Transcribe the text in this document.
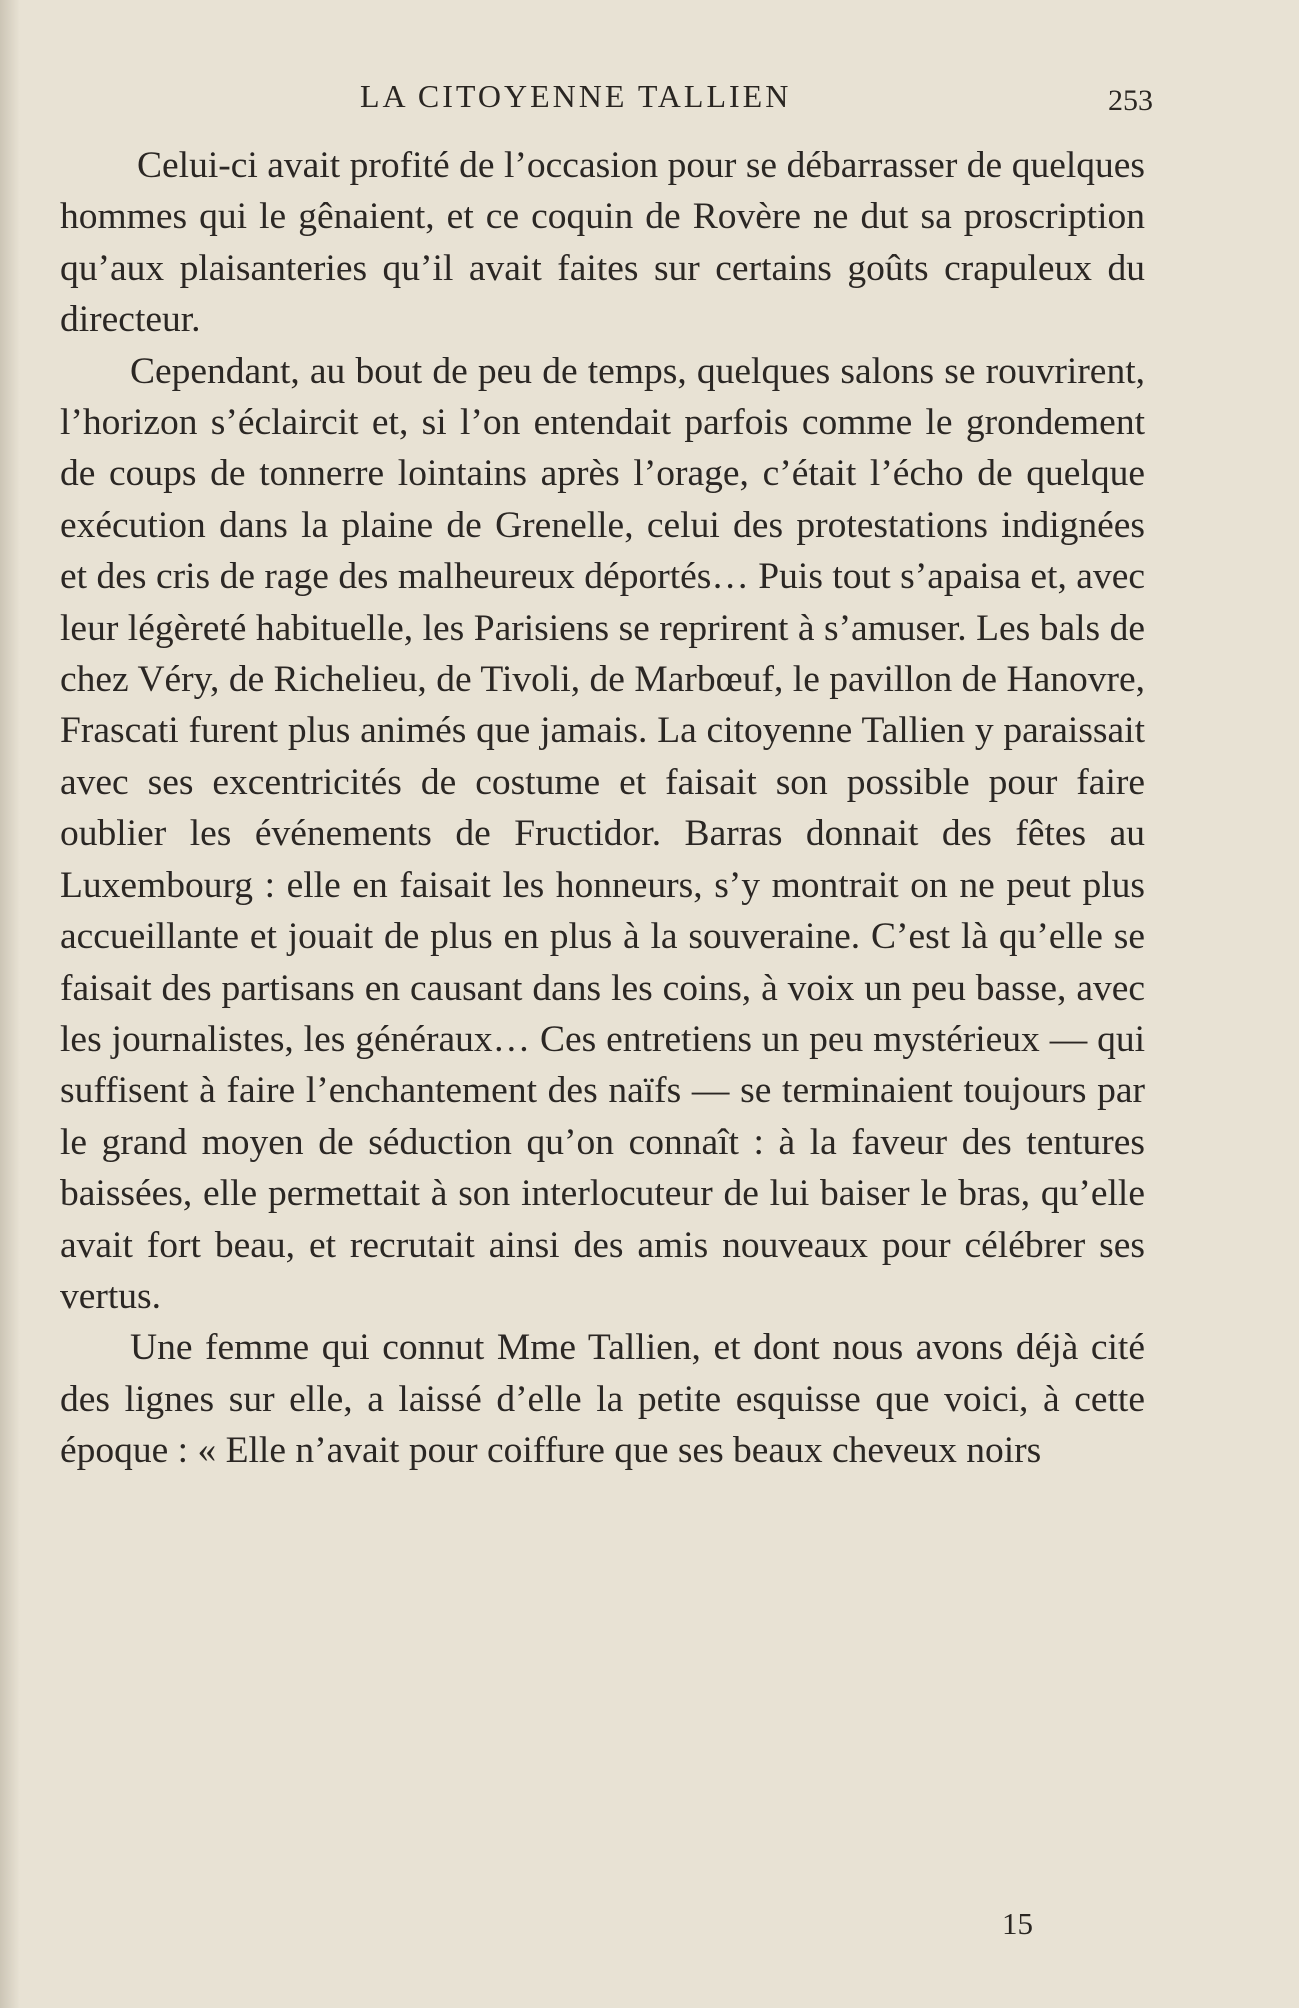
LA CITOYENNE TALLIEN	253

Celui-ci avait profité de l’occasion pour se débarrasser de quelques hommes qui le gênaient, et ce coquin de Rovère ne dut sa proscription qu’aux plaisanteries qu’il avait faites sur certains goûts crapuleux du directeur.

Cependant, au bout de peu de temps, quelques salons se rouvrirent, l’horizon s’éclaircit et, si l’on entendait parfois comme le grondement de coups de tonnerre lointains après l’orage, c’était l’écho de quelque exécution dans la plaine de Grenelle, celui des protestations indignées et des cris de rage des malheureux déportés… Puis tout s’apaisa et, avec leur légèreté habituelle, les Parisiens se reprirent à s’amuser. Les bals de chez Véry, de Richelieu, de Tivoli, de Marbœuf, le pavillon de Hanovre, Frascati furent plus animés que jamais. La citoyenne Tallien y paraissait avec ses excentricités de costume et faisait son possible pour faire oublier les événements de Fructidor. Barras donnait des fêtes au Luxembourg : elle en faisait les honneurs, s’y montrait on ne peut plus accueillante et jouait de plus en plus à la souveraine. C’est là qu’elle se faisait des partisans en causant dans les coins, à voix un peu basse, avec les journalistes, les généraux… Ces entretiens un peu mystérieux — qui suffisent à faire l’enchantement des naïfs — se terminaient toujours par le grand moyen de séduction qu’on connaît : à la faveur des tentures baissées, elle permettait à son interlocuteur de lui baiser le bras, qu’elle avait fort beau, et recrutait ainsi des amis nouveaux pour célébrer ses vertus.

Une femme qui connut Mme Tallien, et dont nous avons déjà cité des lignes sur elle, a laissé d’elle la petite esquisse que voici, à cette époque : « Elle n’avait pour coiffure que ses beaux cheveux noirs

15
